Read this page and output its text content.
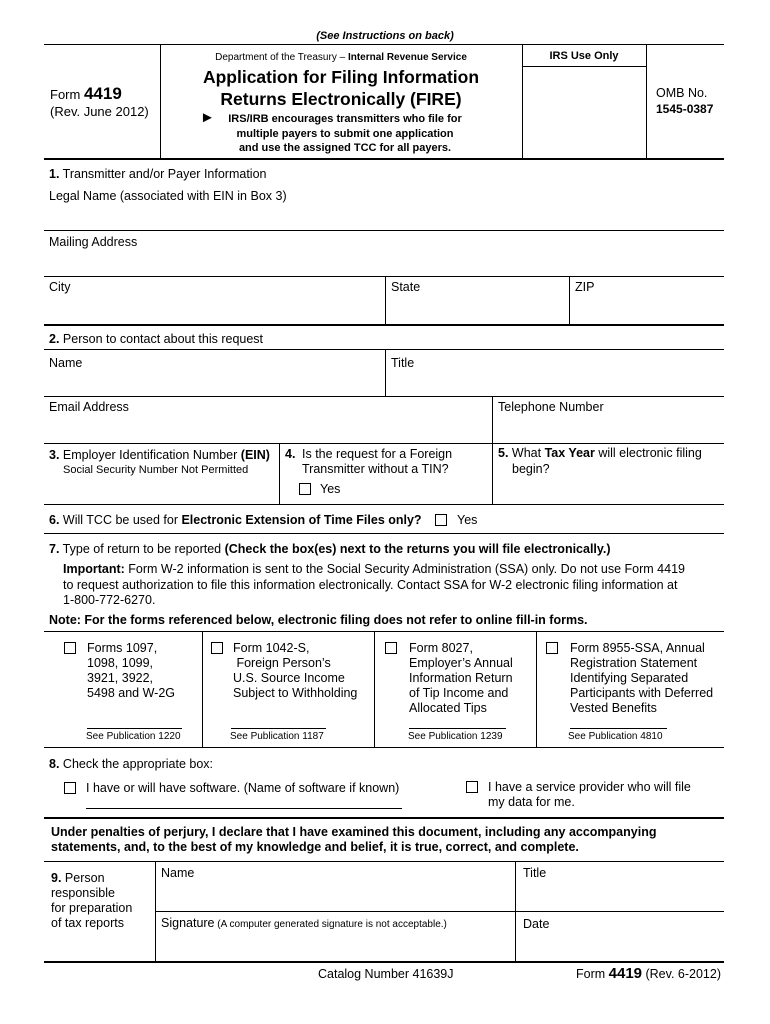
(See Instructions on back)
Form 4419
(Rev. June 2012)
Department of the Treasury – Internal Revenue Service
Application for Filing Information
Returns Electronically (FIRE)
►	IRS/IRB encourages transmitters who file for
multiple payers to submit one application
and use the assigned TCC for all payers.
IRS Use Only
OMB No.
1545-0387
1. Transmitter and/or Payer Information
Legal Name (associated with EIN in Box 3)
Mailing Address
City	State	ZIP
2. Person to contact about this request
Name	Title
Email Address	Telephone Number
3. Employer Identification Number (EIN)
Social Security Number Not Permitted
4. Is the request for a Foreign
Transmitter without a TIN?
Yes
5. What Tax Year will electronic filing
begin?
6. Will TCC be used for Electronic Extension of Time Files only?	Yes
7. Type of return to be reported (Check the box(es) next to the returns you will file electronically.)
Important: Form W-2 information is sent to the Social Security Administration (SSA) only. Do not use Form 4419
to request authorization to file this information electronically. Contact SSA for W-2 electronic filing information at
1-800-772-6270.
Note: For the forms referenced below, electronic filing does not refer to online fill-in forms.
Forms 1097,
1098, 1099,
3921, 3922,
5498 and W-2G
See Publication 1220
Form 1042-S,
Foreign Person’s
U.S. Source Income
Subject to Withholding
See Publication 1187
Form 8027,
Employer’s Annual
Information Return
of Tip Income and
Allocated Tips
See Publication 1239
Form 8955-SSA, Annual
Registration Statement
Identifying Separated
Participants with Deferred
Vested Benefits
See Publication 4810
8. Check the appropriate box:
I have or will have software. (Name of software if known)	I have a service provider who will file
my data for me.
Under penalties of perjury, I declare that I have examined this document, including any accompanying
statements, and, to the best of my knowledge and belief, it is true, correct, and complete.
9. Person
responsible
for preparation
of tax reports
Name	Title
Signature (A computer generated signature is not acceptable.)	Date
Catalog Number 41639J	Form 4419 (Rev. 6-2012)
